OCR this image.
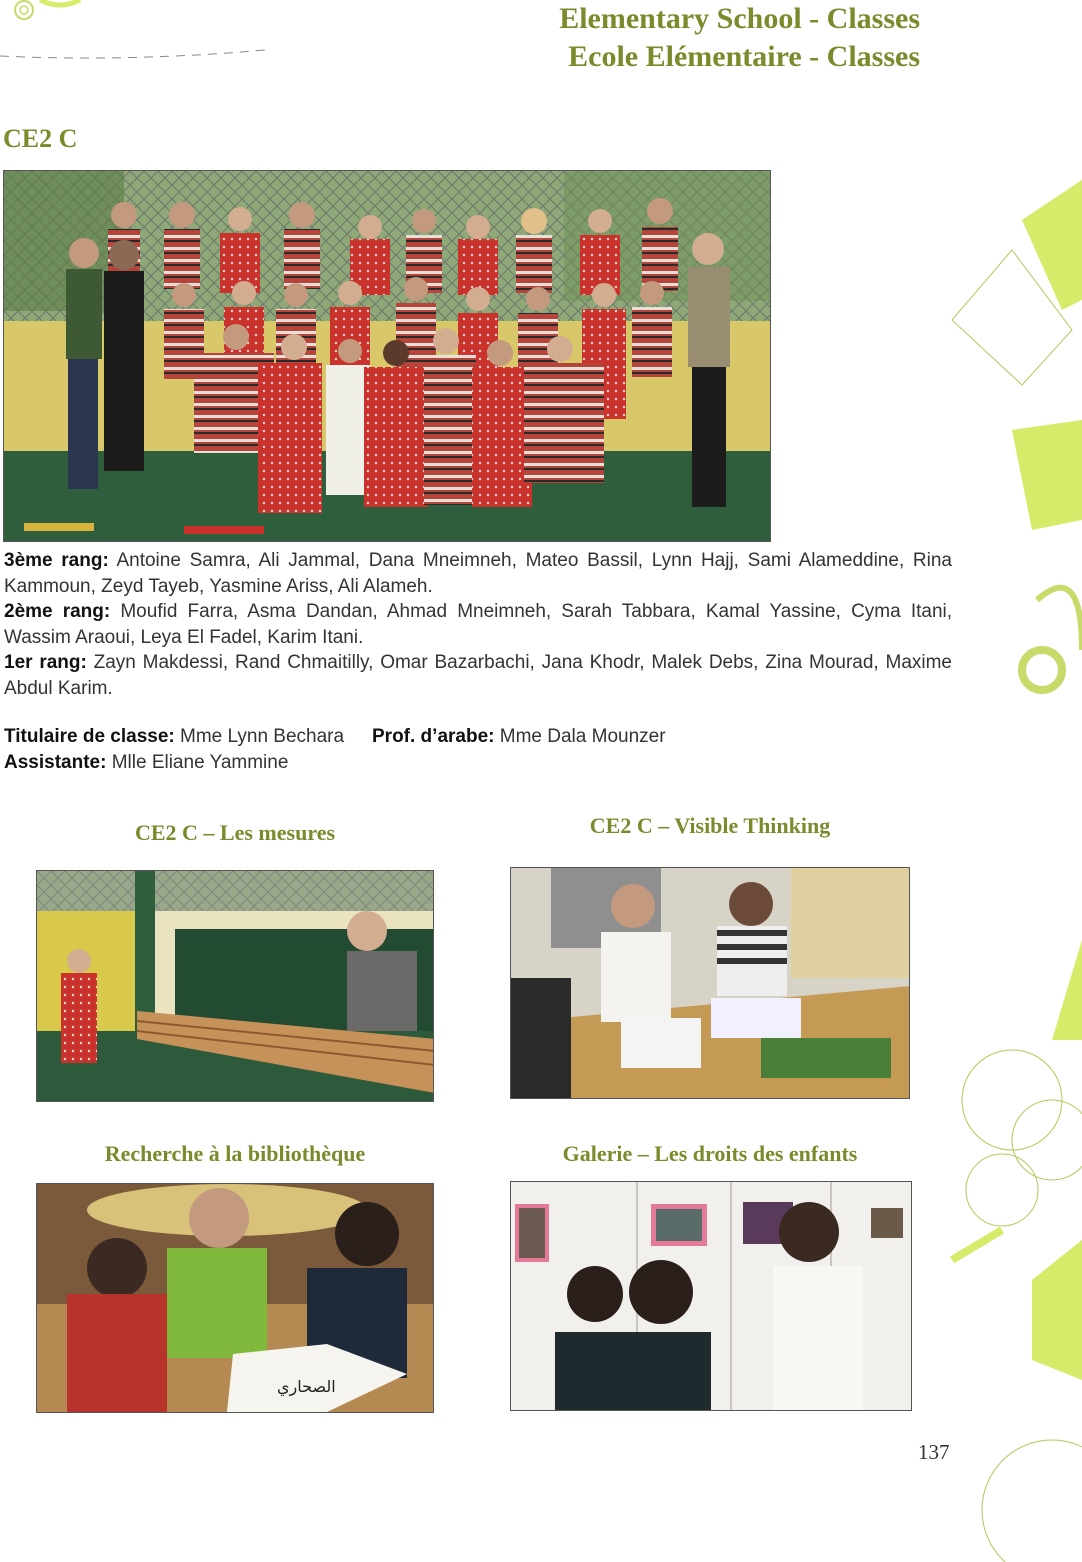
Elementary School - Classes
Ecole Elémentaire - Classes
CE2 C
3ème rang: Antoine Samra, Ali Jammal, Dana Mneimneh, Mateo Bassil, Lynn Hajj, Sami Alameddine, Rina Kammoun, Zeyd Tayeb, Yasmine Ariss, Ali Alameh.
2ème rang: Moufid Farra, Asma Dandan, Ahmad Mneimneh, Sarah Tabbara, Kamal Yassine, Cyma Itani, Wassim Araoui, Leya El Fadel, Karim Itani.
1er rang: Zayn Makdessi, Rand Chmaitilly, Omar Bazarbachi, Jana Khodr, Malek Debs, Zina Mourad, Maxime Abdul Karim.
Titulaire de classe: Mme Lynn Bechara	Prof. d’arabe: Mme Dala Mounzer
Assistante: Mlle Eliane Yammine
CE2 C – Les mesures	CE2 C – Visible Thinking
Recherche à la bibliothèque	Galerie – Les droits des enfants
الصحاري
137
